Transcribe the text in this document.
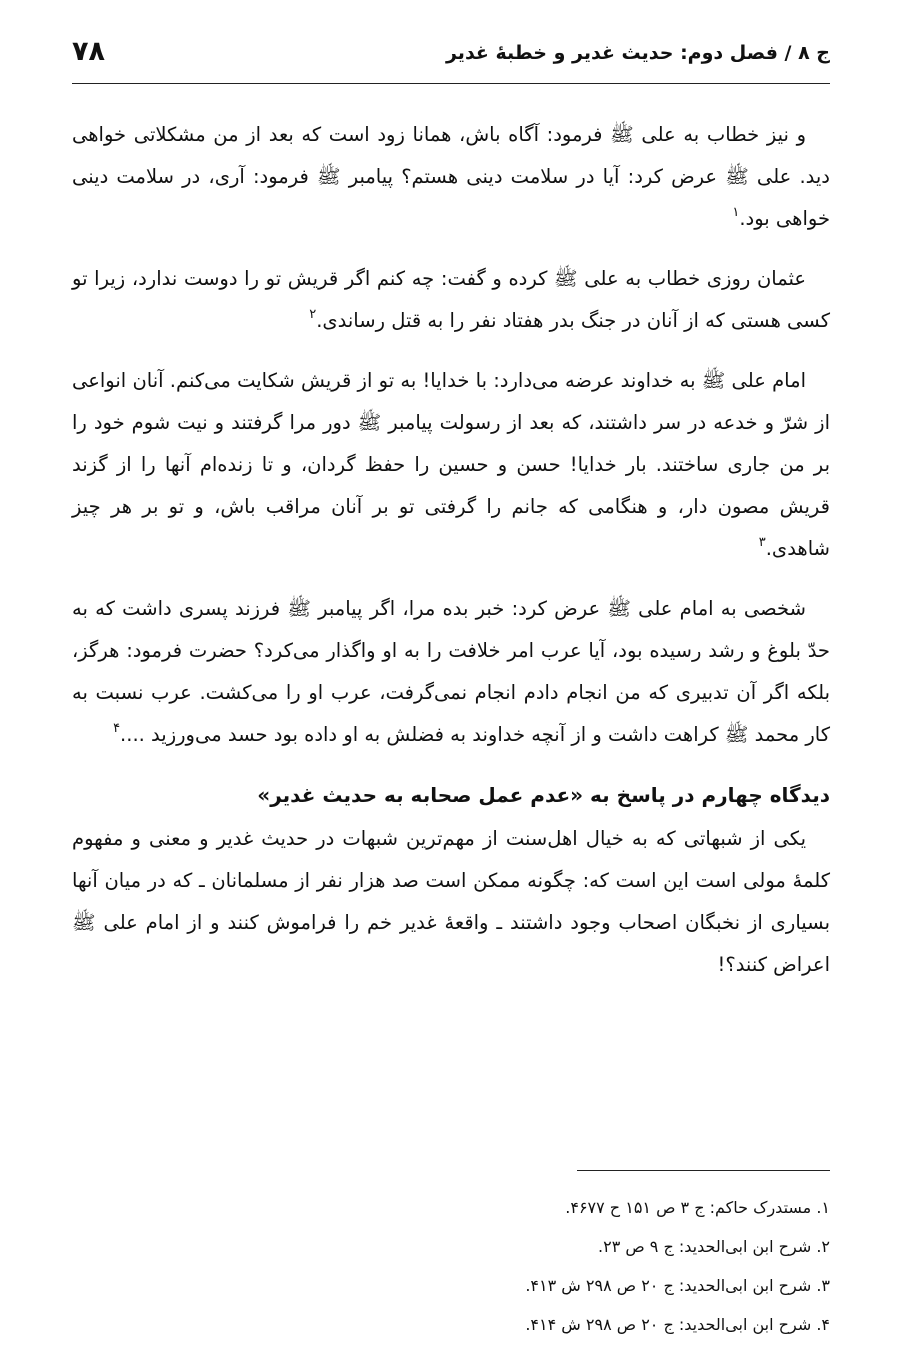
ج ۸ / فصل دوم: حدیث غدیر و خطبهٔ غدیر
۷۸

و نیز خطاب به علی ﷺ فرمود: آگاه باش، همانا زود است که بعد از من مشکلاتی خواهی دید. علی ﷺ عرض کرد: آیا در سلامت دینی هستم؟ پیامبر ﷺ فرمود: آری، در سلامت دینی خواهی بود.$^۱$

عثمان روزی خطاب به علی ﷺ کرده و گفت: چه کنم اگر قریش تو را دوست ندارد، زیرا تو کسی هستی که از آنان در جنگ بدر هفتاد نفر را به قتل رساندی.$^۲$

امام علی ﷺ به خداوند عرضه می‌دارد: با خدایا! به تو از قریش شکایت می‌کنم. آنان انواعی از شرّ و خدعه در سر داشتند، که بعد از رسولت پیامبر ﷺ دور مرا گرفتند و نیت شوم خود را بر من جاری ساختند. بار خدایا! حسن و حسین را حفظ گردان، و تا زنده‌ام آنها را از گزند قریش مصون دار، و هنگامی که جانم را گرفتی تو بر آنان مراقب باش، و تو بر هر چیز شاهدی.$^۳$

شخصی به امام علی ﷺ عرض کرد: خبر بده مرا، اگر پیامبر ﷺ فرزند پسری داشت که به حدّ بلوغ و رشد رسیده بود، آیا عرب امر خلافت را به او واگذار می‌کرد؟ حضرت فرمود: هرگز، بلکه اگر آن تدبیری که من انجام دادم انجام نمی‌گرفت، عرب او را می‌کشت. عرب نسبت به کار محمد ﷺ کراهت داشت و از آنچه خداوند به فضلش به او داده بود حسد می‌ورزید ....$^۴$

دیدگاه چهارم در پاسخ به «عدم عمل صحابه به حدیث غدیر»

یکی از شبهاتی که به خیال اهل‌سنت از مهم‌ترین شبهات در حدیث غدیر و معنی و مفهوم کلمهٔ مولی است این است که: چگونه ممکن است صد هزار نفر از مسلمانان ـ که در میان آنها بسیاری از نخبگان اصحاب وجود داشتند ـ واقعهٔ غدیر خم را فراموش کنند و از امام علی ﷺ اعراض کنند؟!

۱. مستدرک حاکم: ج ۳ ص ۱۵۱ ح ۴۶۷۷.
۲. شرح ابن ابی‌الحدید: ج ۹ ص ۲۳.
۳. شرح ابن ابی‌الحدید: ج ۲۰ ص ۲۹۸ ش ۴۱۳.
۴. شرح ابن ابی‌الحدید: ج ۲۰ ص ۲۹۸ ش ۴۱۴.
